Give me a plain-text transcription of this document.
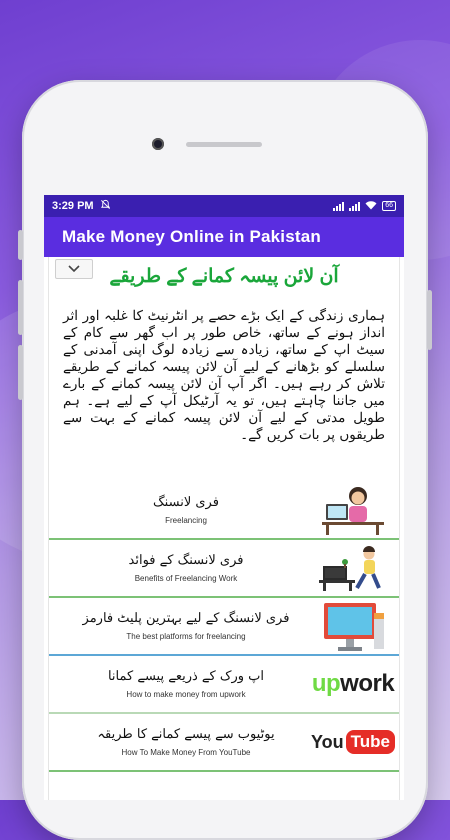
3:29 PM	66
Make Money Online in Pakistan
آن لائن پیسہ کمانے کے طریقے
ہماری زندگی کے ایک بڑے حصے پر انٹرنیٹ کا غلبہ اور اثر انداز ہونے کے ساتھ، خاص طور پر اب گھر سے کام کے سیٹ اپ کے ساتھ، زیادہ سے زیادہ لوگ اپنی آمدنی کے سلسلے کو بڑھانے کے لیے آن لائن پیسہ کمانے کے طریقے تلاش کر رہے ہیں۔ اگر آپ آن لائن پیسہ کمانے کے بارے میں جاننا چاہتے ہیں، تو یہ آرٹیکل آپ کے لیے ہے۔ ہم طویل مدتی کے لیے آن لائن پیسہ کمانے کے بہت سے طریقوں پر بات کریں گے۔
فری لانسنگ
Freelancing
فری لانسنگ کے فوائد
Benefits of Freelancing Work
فری لانسنگ کے لیے بہترین پلیٹ فارمز
The best platforms for freelancing
اپ ورک کے ذریعے پیسے کمانا
How to make money from upwork	upwork
یوٹیوب سے پیسے کمانے کا طریقہ
How To Make Money From YouTube
You Tube
